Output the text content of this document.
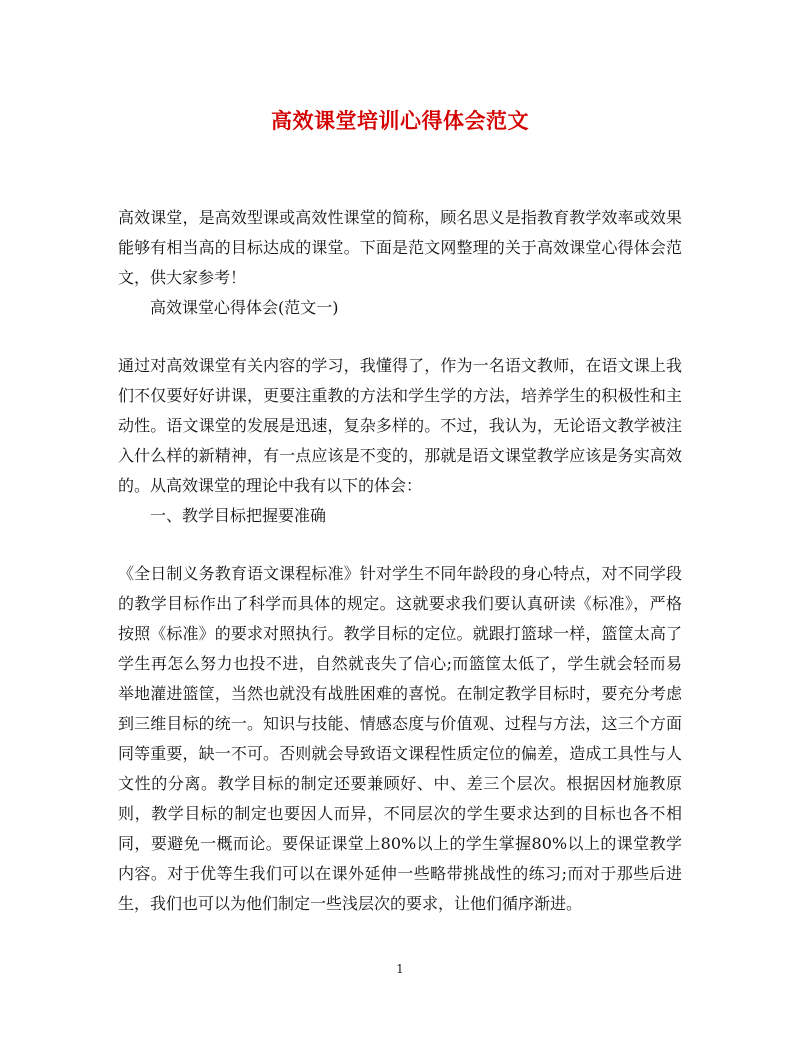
高效课堂培训心得体会范文

高效课堂，是高效型课或高效性课堂的简称，顾名思义是指教育教学效率或效果能够有相当高的目标达成的课堂。下面是范文网整理的关于高效课堂心得体会范文，供大家参考！

高效课堂心得体会(范文一)

通过对高效课堂有关内容的学习，我懂得了，作为一名语文教师，在语文课上我们不仅要好好讲课，更要注重教的方法和学生学的方法，培养学生的积极性和主动性。语文课堂的发展是迅速，复杂多样的。不过，我认为，无论语文教学被注入什么样的新精神，有一点应该是不变的，那就是语文课堂教学应该是务实高效的。从高效课堂的理论中我有以下的体会：

一、教学目标把握要准确

《全日制义务教育语文课程标准》针对学生不同年龄段的身心特点，对不同学段的教学目标作出了科学而具体的规定。这就要求我们要认真研读《标准》，严格按照《标准》的要求对照执行。教学目标的定位。就跟打篮球一样，篮筐太高了学生再怎么努力也投不进，自然就丧失了信心;而篮筐太低了，学生就会轻而易举地灌进篮筐，当然也就没有战胜困难的喜悦。在制定教学目标时，要充分考虑到三维目标的统一。知识与技能、情感态度与价值观、过程与方法，这三个方面同等重要，缺一不可。否则就会导致语文课程性质定位的偏差，造成工具性与人文性的分离。教学目标的制定还要兼顾好、中、差三个层次。根据因材施教原则，教学目标的制定也要因人而异，不同层次的学生要求达到的目标也各不相同，要避免一概而论。要保证课堂上80%以上的学生掌握80%以上的课堂教学内容。对于优等生我们可以在课外延伸一些略带挑战性的练习;而对于那些后进生，我们也可以为他们制定一些浅层次的要求，让他们循序渐进。

1
